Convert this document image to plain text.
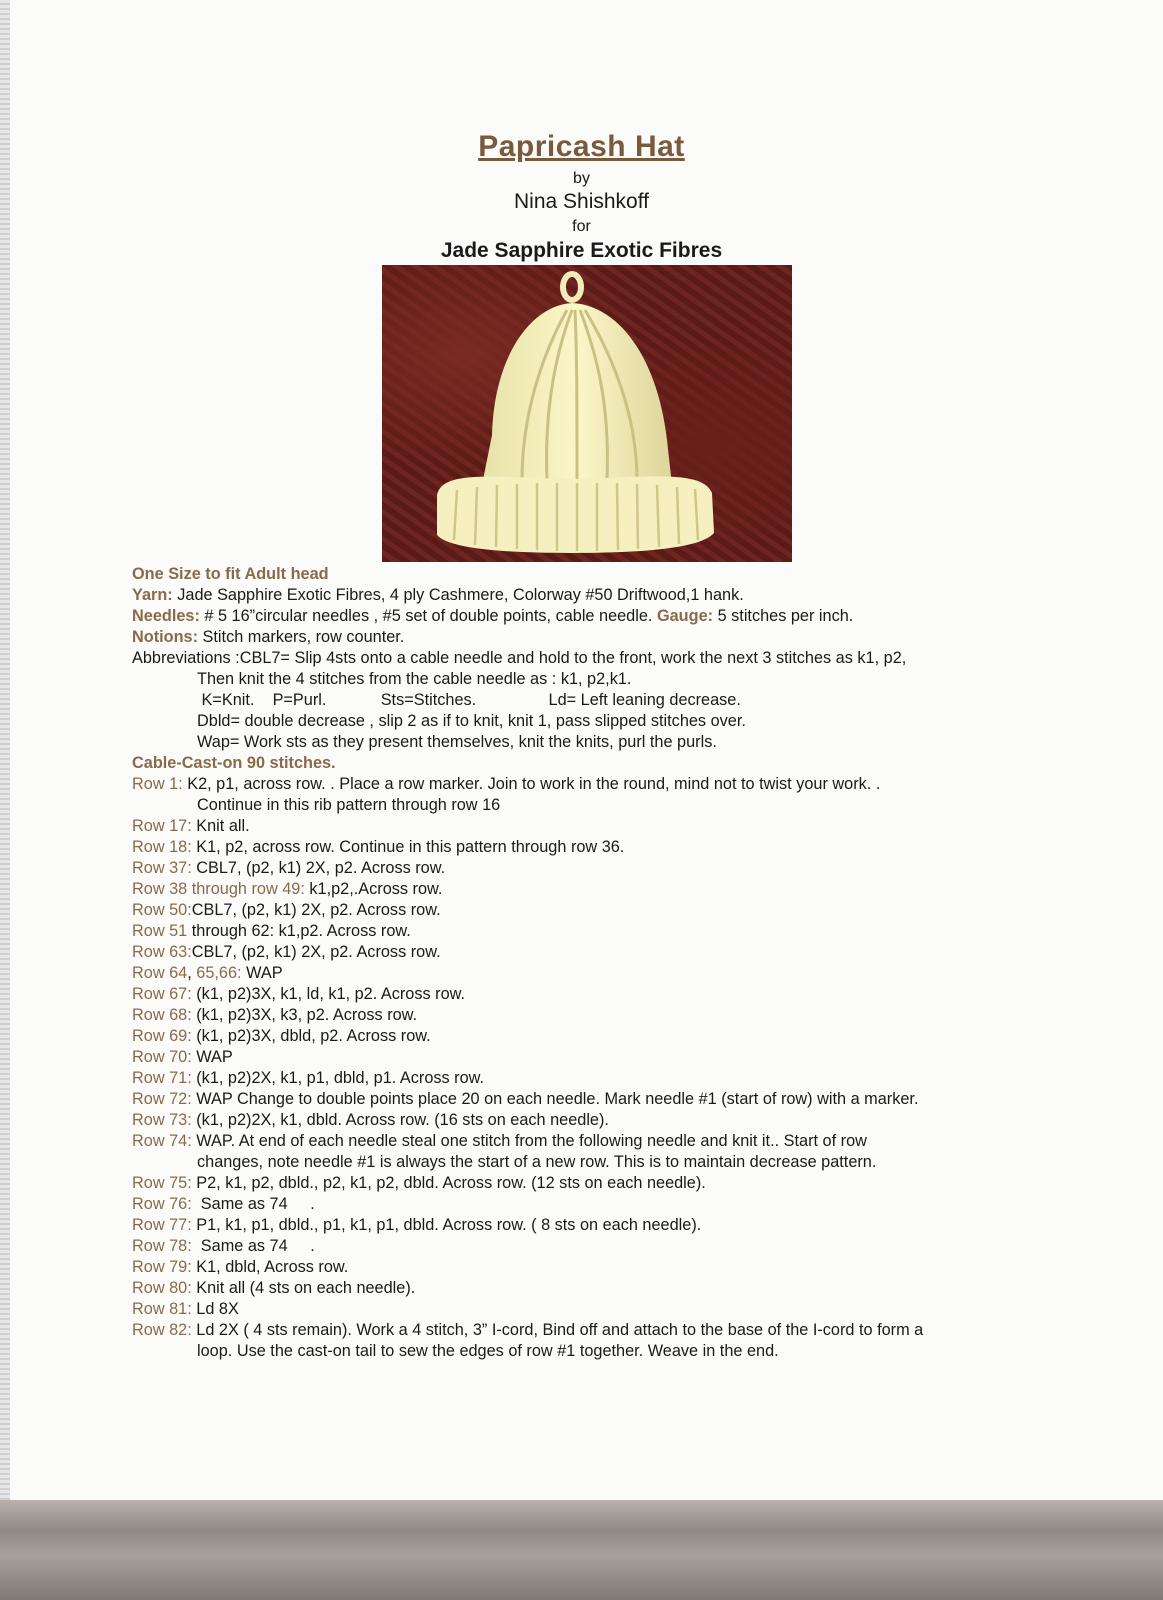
Papricash Hat
by
Nina Shishkoff
for
Jade Sapphire Exotic Fibres
One Size to fit Adult head
Yarn: Jade Sapphire Exotic Fibres, 4 ply Cashmere, Colorway #50 Driftwood,1 hank.
Needles: # 5 16”circular needles , #5 set of double points, cable needle. Gauge: 5 stitches per inch.
Notions: Stitch markers, row counter.
Abbreviations :CBL7= Slip 4sts onto a cable needle and hold to the front, work the next 3 stitches as k1, p2,
Then knit the 4 stitches from the cable needle as : k1, p2,k1.
K=Knit.    P=Purl.            Sts=Stitches.                Ld= Left leaning decrease.
Dbld= double decrease , slip 2 as if to knit, knit 1, pass slipped stitches over.
Wap= Work sts as they present themselves, knit the knits, purl the purls.
Cable-Cast-on 90 stitches.
Row 1: K2, p1, across row. . Place a row marker. Join to work in the round, mind not to twist your work. .
Continue in this rib pattern through row 16
Row 17: Knit all.
Row 18: K1, p2, across row. Continue in this pattern through row 36.
Row 37: CBL7, (p2, k1) 2X, p2. Across row.
Row 38 through row 49: k1,p2,.Across row.
Row 50:CBL7, (p2, k1) 2X, p2. Across row.
Row 51 through 62: k1,p2. Across row.
Row 63:CBL7, (p2, k1) 2X, p2. Across row.
Row 64, 65,66: WAP
Row 67: (k1, p2)3X, k1, ld, k1, p2. Across row.
Row 68: (k1, p2)3X, k3, p2. Across row.
Row 69: (k1, p2)3X, dbld, p2. Across row.
Row 70: WAP
Row 71: (k1, p2)2X, k1, p1, dbld, p1. Across row.
Row 72: WAP Change to double points place 20 on each needle. Mark needle #1 (start of row) with a marker.
Row 73: (k1, p2)2X, k1, dbld. Across row. (16 sts on each needle).
Row 74: WAP. At end of each needle steal one stitch from the following needle and knit it.. Start of row
changes, note needle #1 is always the start of a new row. This is to maintain decrease pattern.
Row 75: P2, k1, p2, dbld., p2, k1, p2, dbld. Across row. (12 sts on each needle).
Row 76:  Same as 74     .
Row 77: P1, k1, p1, dbld., p1, k1, p1, dbld. Across row. ( 8 sts on each needle).
Row 78:  Same as 74     .
Row 79: K1, dbld, Across row.
Row 80: Knit all (4 sts on each needle).
Row 81: Ld 8X
Row 82: Ld 2X ( 4 sts remain). Work a 4 stitch, 3” I-cord, Bind off and attach to the base of the I-cord to form a
loop. Use the cast-on tail to sew the edges of row #1 together. Weave in the end.
